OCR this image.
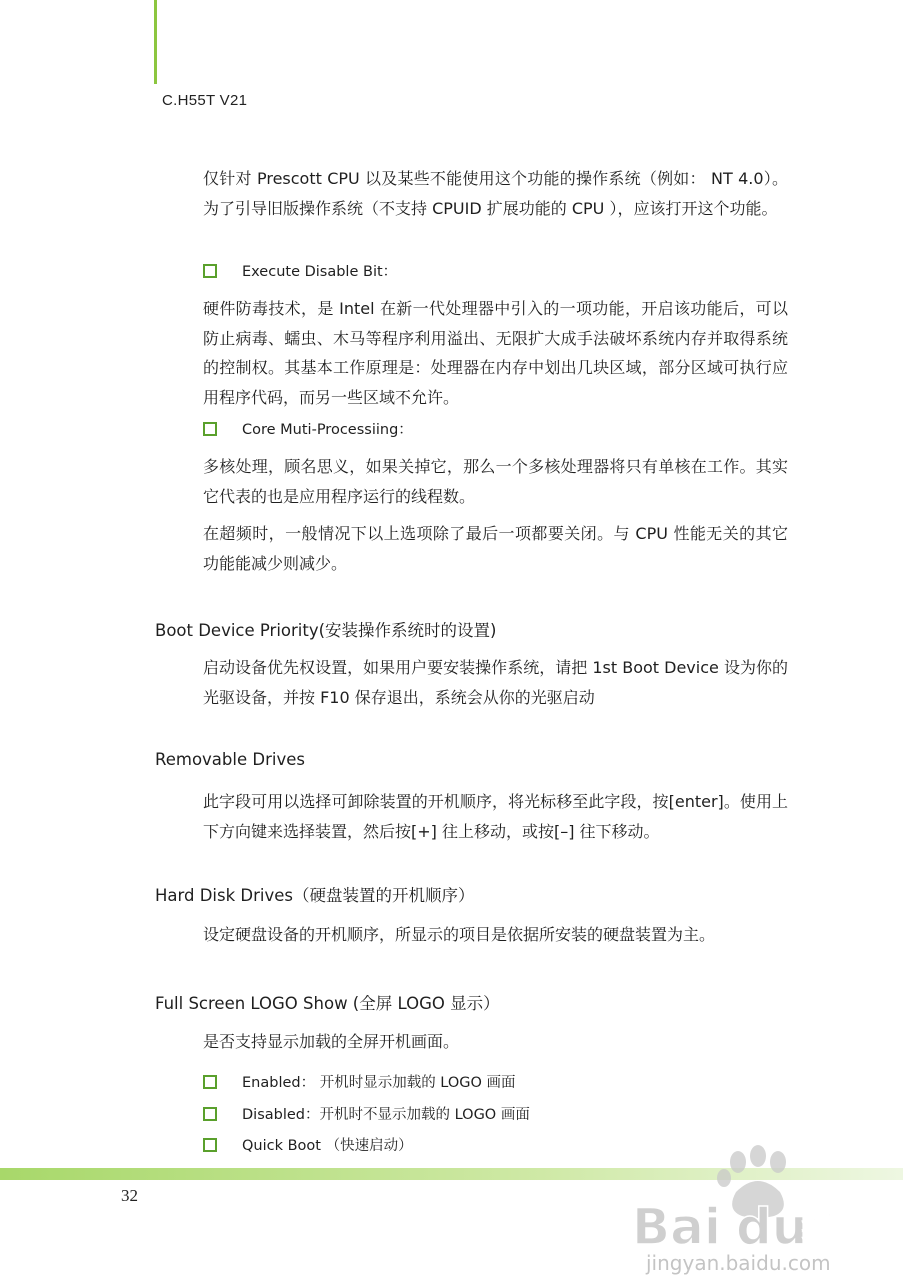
C.H55T V21
仅针对 Prescott CPU 以及某些不能使用这个功能的操作系统（例如： NT 4.0）。为了引导旧版操作系统（不支持 CPUID 扩展功能的 CPU ），应该打开这个功能。
Execute Disable Bit：
硬件防毒技术，是 Intel 在新一代处理器中引入的一项功能，开启该功能后，可以防止病毒、蠕虫、木马等程序利用溢出、无限扩大成手法破坏系统内存并取得系统的控制权。其基本工作原理是：处理器在内存中划出几块区域，部分区域可执行应用程序代码，而另一些区域不允许。
Core Muti-Processiing：
多核处理，顾名思义，如果关掉它，那么一个多核处理器将只有单核在工作。其实它代表的也是应用程序运行的线程数。
在超频时，一般情况下以上选项除了最后一项都要关闭。与 CPU 性能无关的其它功能能减少则减少。
Boot Device Priority(安装操作系统时的设置)
启动设备优先权设置，如果用户要安装操作系统，请把 1st Boot Device 设为你的光驱设备，并按 F10 保存退出，系统会从你的光驱启动
Removable Drives
此字段可用以选择可卸除装置的开机顺序，将光标移至此字段，按[enter]。使用上下方向键来选择装置，然后按[+] 往上移动，或按[–] 往下移动。
Hard Disk Drives（硬盘装置的开机顺序）
设定硬盘设备的开机顺序，所显示的项目是依据所安装的硬盘装置为主。
Full Screen LOGO Show (全屏 LOGO 显示）
是否支持显示加载的全屏开机画面。
Enabled： 开机时显示加载的 LOGO 画面
Disabled：开机时不显示加载的 LOGO 画面
Quick Boot （快速启动）
32
Bai du
经验
jingyan.baidu.com
